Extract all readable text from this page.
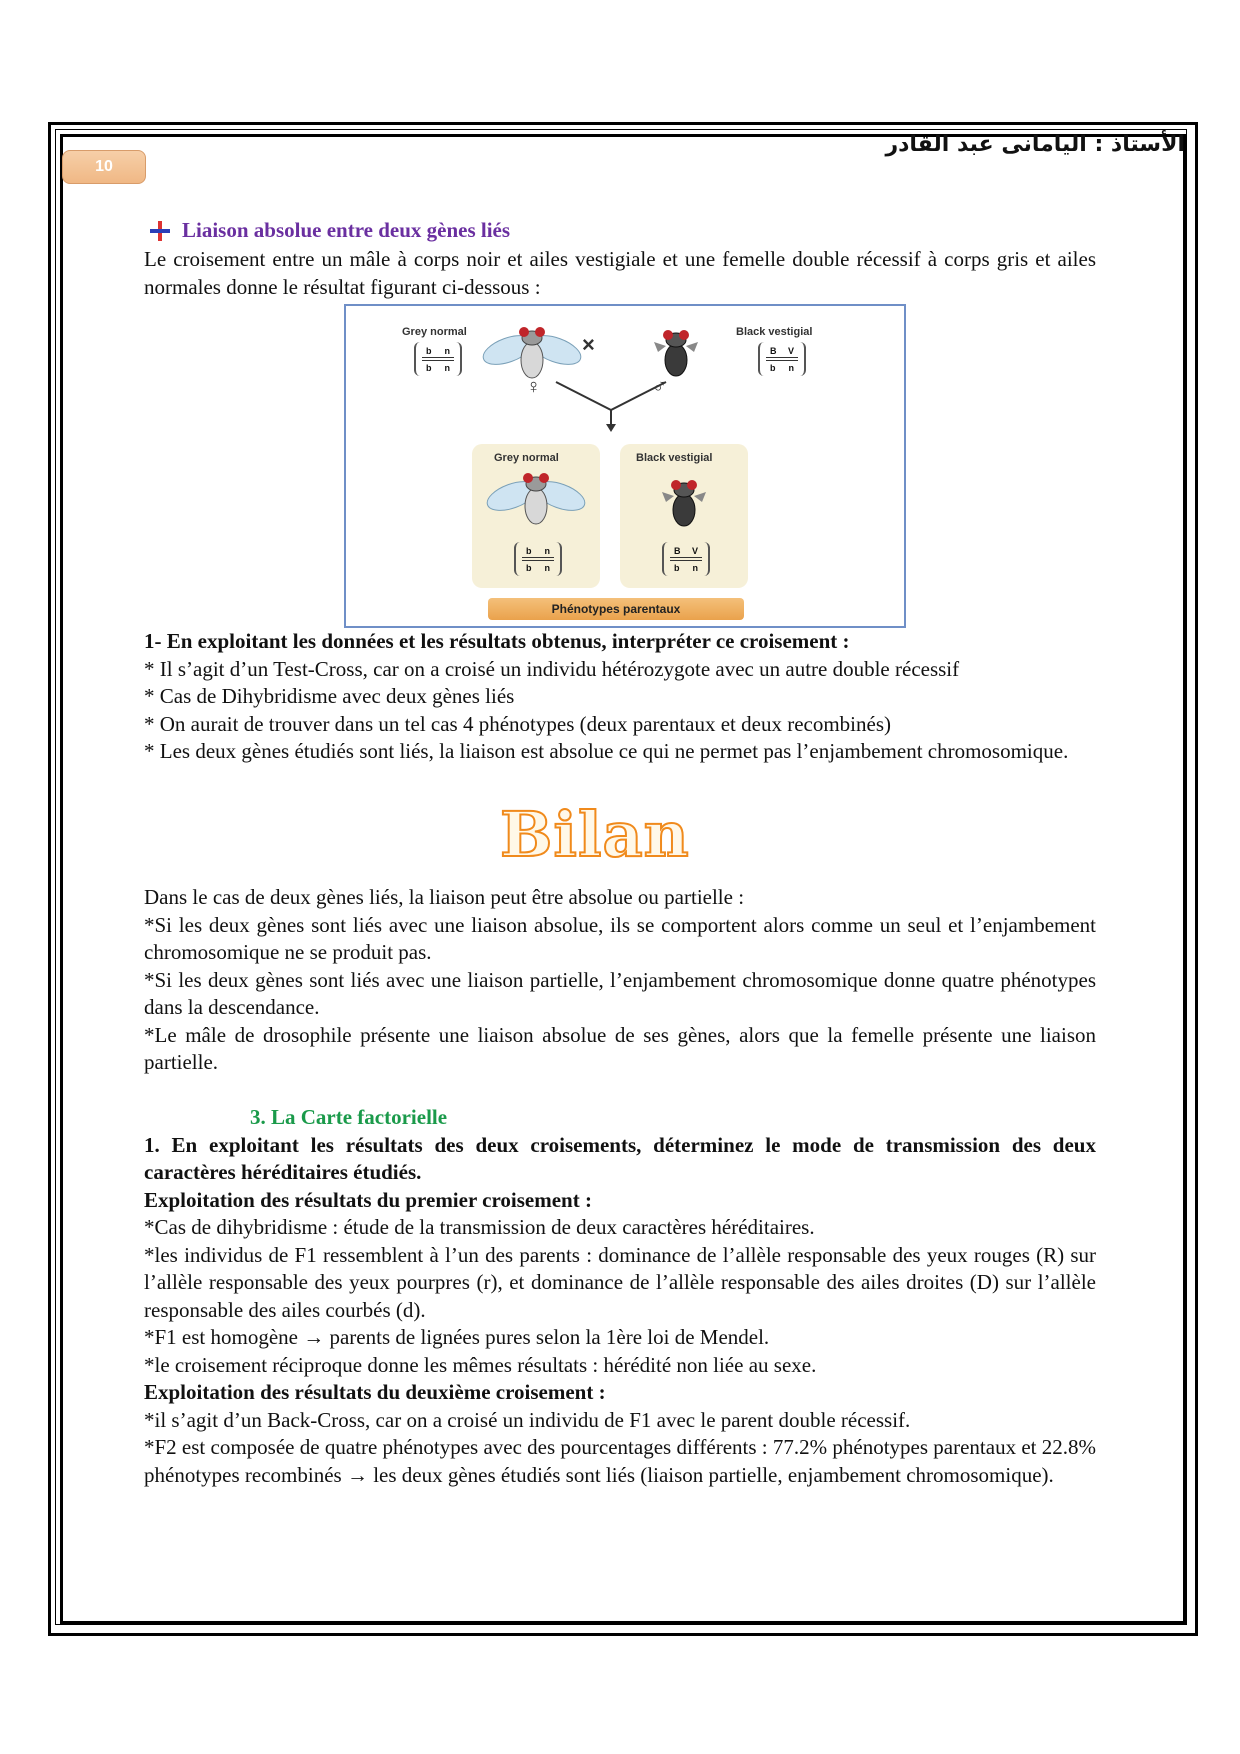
10
الأستاذ : اليامانى عبد القادر
Liaison absolue entre deux gènes liés

Le croisement entre un mâle à corps noir et ailes vestigiale et une femelle double récessif à corps gris et ailes normales donne le résultat figurant ci-dessous :

Grey normal	Black vestigial
b n
b n
B V
b n
♀
×
♂
Grey normal	Black vestigial
b n
b n
B V
b n
Phénotypes parentaux

1- En exploitant les données et les résultats obtenus, interpréter ce croisement :

* Il s’agit d’un Test-Cross, car on a croisé un individu hétérozygote avec un autre double récessif

* Cas de Dihybridisme avec deux gènes liés

* On aurait de trouver dans un tel cas 4 phénotypes (deux parentaux et deux recombinés)

* Les deux gènes étudiés sont liés, la liaison est absolue ce qui ne permet pas l’enjambement chromosomique.

Bilan

Dans le cas de deux gènes liés, la liaison peut être absolue ou partielle :

*Si les deux gènes sont liés avec une liaison absolue, ils se comportent alors comme un seul et l’enjambement chromosomique ne se produit pas.

*Si les deux gènes sont liés avec une liaison partielle, l’enjambement chromosomique donne quatre phénotypes dans la descendance.

*Le mâle de drosophile présente une liaison absolue de ses gènes, alors que la femelle présente une liaison partielle.

3. La Carte factorielle

1. En exploitant les résultats des deux croisements, déterminez le mode de transmission des deux caractères héréditaires étudiés.

Exploitation des résultats du premier croisement :

*Cas de dihybridisme : étude de la transmission de deux caractères héréditaires.

*les individus de F1 ressemblent à l’un des parents : dominance de l’allèle responsable des yeux rouges (R) sur l’allèle responsable des yeux pourpres (r), et dominance de l’allèle responsable des ailes droites (D) sur l’allèle responsable des ailes courbés (d).

*F1 est homogène → parents de lignées pures selon la 1ère loi de Mendel.

*le croisement réciproque donne les mêmes résultats : hérédité non liée au sexe.

Exploitation des résultats du deuxième croisement :

*il s’agit d’un Back-Cross, car on a croisé un individu de F1 avec le parent double récessif.

*F2 est composée de quatre phénotypes avec des pourcentages différents : 77.2% phénotypes parentaux et 22.8% phénotypes recombinés → les deux gènes étudiés sont liés (liaison partielle, enjambement chromosomique).
